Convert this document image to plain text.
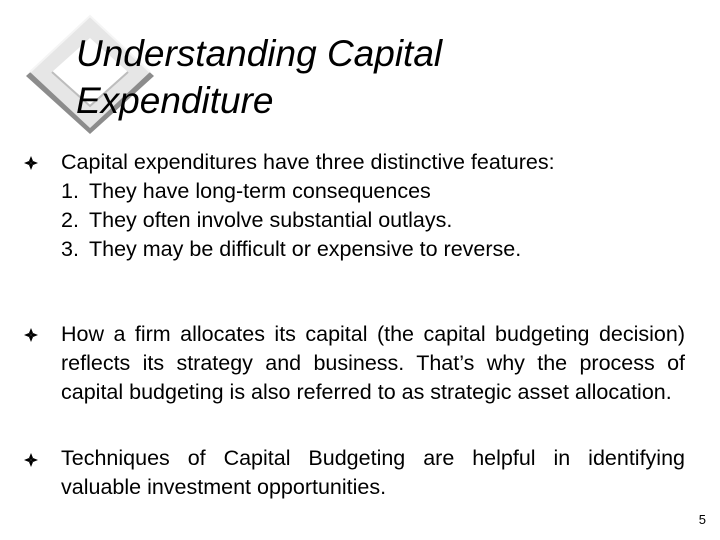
Understanding Capital
Expenditure
Capital expenditures have three distinctive features:
1. They have long-term consequences
2. They often involve substantial outlays.
3. They may be difficult or expensive to reverse.
How a firm allocates its capital (the capital budgeting decision) reflects its strategy and business. That’s why the process of capital budgeting is also referred to as strategic asset allocation.
Techniques of Capital Budgeting are helpful in identifying valuable investment opportunities.
5
